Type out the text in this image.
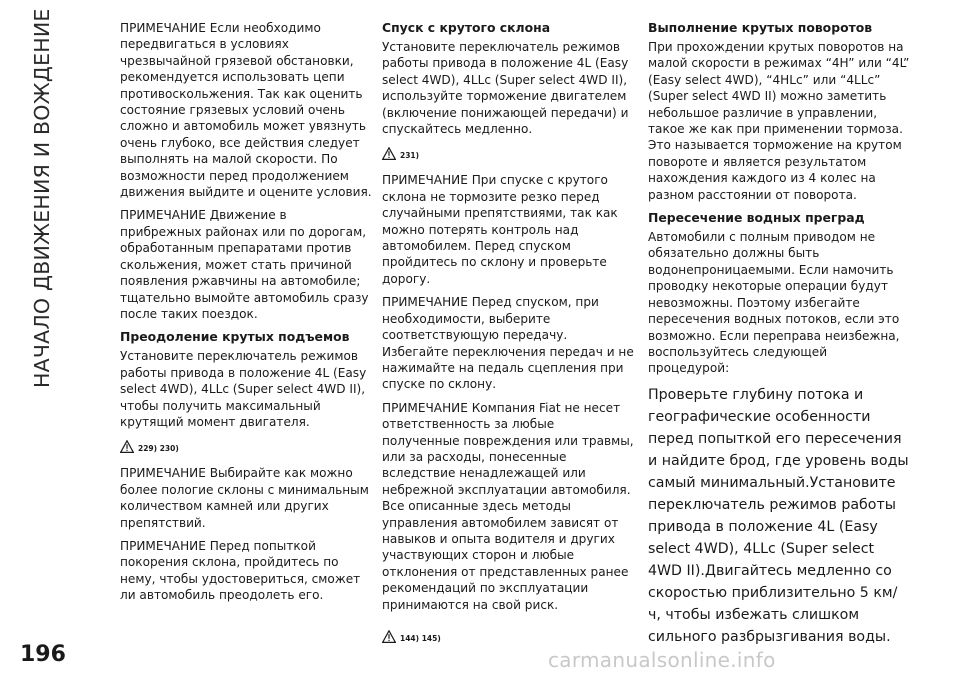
НАЧАЛО ДВИЖЕНИЯ И ВОЖДЕНИЕ
196	carmanualsonline.info

ПРИМЕЧАНИЕ Если необходимо передвигаться в условиях чрезвычайной грязевой обстановки, рекомендуется использовать цепи противоскольжения. Так как оценить состояние грязевых условий очень сложно и автомобиль может увязнуть очень глубоко, все действия следует выполнять на малой скорости. По возможности перед продолжением движения выйдите и оцените условия.

ПРИМЕЧАНИЕ Движение в прибрежных районах или по дорогам, обработанным препаратами против скольжения, может стать причиной появления ржавчины на автомобиле; тщательно вымойте автомобиль сразу после таких поездок.

Преодоление крутых подъемов

Установите переключатель режимов работы привода в положение 4L (Easy select 4WD), 4LLc (Super select 4WD II), чтобы получить максимальный крутящий момент двигателя.

229) 230)

ПРИМЕЧАНИЕ Выбирайте как можно более пологие склоны с минимальным количеством камней или других препятствий.

ПРИМЕЧАНИЕ Перед попыткой покорения склона, пройдитесь по нему, чтобы удостовериться, сможет ли автомобиль преодолеть его.

Спуск с крутого склона

Установите переключатель режимов работы привода в положение 4L (Easy select 4WD), 4LLc (Super select 4WD II), используйте торможение двигателем (включение понижающей передачи) и спускайтесь медленно.

231)

ПРИМЕЧАНИЕ При спуске с крутого склона не тормозите резко перед случайными препятствиями, так как можно потерять контроль над автомобилем. Перед спуском пройдитесь по склону и проверьте дорогу.

ПРИМЕЧАНИЕ Перед спуском, при необходимости, выберите соответствующую передачу. Избегайте переключения передач и не нажимайте на педаль сцепления при спуске по склону.

ПРИМЕЧАНИЕ Компания Fiat не несет ответственность за любые полученные повреждения или травмы, или за расходы, понесенные вследствие ненадлежащей или небрежной эксплуатации автомобиля. Все описанные здесь методы управления автомобилем зависят от навыков и опыта водителя и других участвующих сторон и любые отклонения от представленных ранее рекомендаций по эксплуатации принимаются на свой риск.

144) 145)
Выполнение крутых поворотов

При прохождении крутых поворотов на малой скорости в режимах “4H” или “4L” (Easy select 4WD), “4HLc” или “4LLc” (Super select 4WD II) можно заметить небольшое различие в управлении, такое же как при применении тормоза. Это называется торможение на крутом повороте и является результатом нахождения каждого из 4 колес на разном расстоянии от поворота.

Пересечение водных преград

Автомобили с полным приводом не обязательно должны быть водонепроницаемыми. Если намочить проводку некоторые операции будут невозможны. Поэтому избегайте пересечения водных потоков, если это возможно. Если переправа неизбежна, воспользуйтесь следующей процедурой:

Проверьте глубину потока и географические особенности перед попыткой его пересечения и найдите брод, где уровень воды самый минимальный.Установите переключатель режимов работы привода в положение 4L (Easy select 4WD), 4LLc (Super select 4WD II).Двигайтесь медленно со скоростью приблизительно 5 км/ч, чтобы избежать слишком сильного разбрызгивания воды.
